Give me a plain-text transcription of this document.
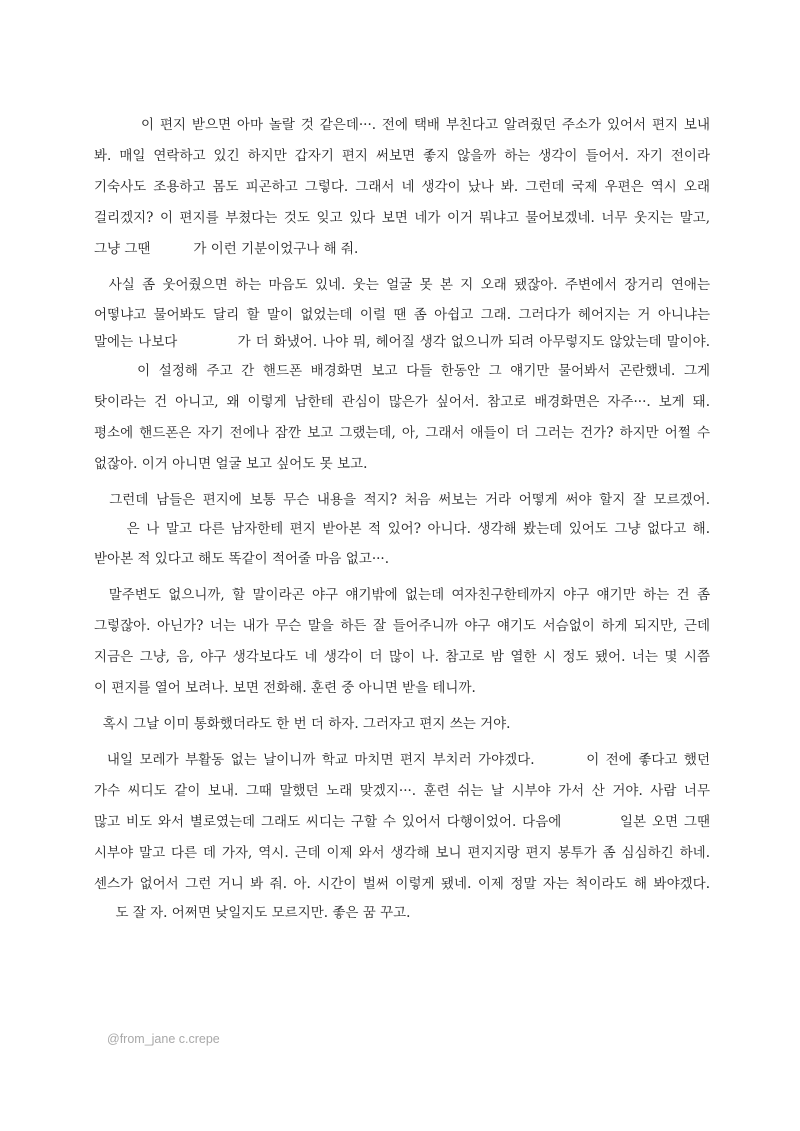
이 편지 받으면 아마 놀랄 것 같은데···. 전에 택배 부친다고 알려줬던 주소가 있어서 편지 보내
봐. 매일 연락하고 있긴 하지만 갑자기 편지 써보면 좋지 않을까 하는 생각이 들어서. 자기 전이라
기숙사도 조용하고 몸도 피곤하고 그렇다. 그래서 네 생각이 났나 봐. 그런데 국제 우편은 역시 오래
걸리겠지? 이 편지를 부쳤다는 것도 잊고 있다 보면 네가 이거 뭐냐고 물어보겠네. 너무 웃지는 말고,
그냥 그땐          가 이런 기분이었구나 해 줘.
사실 좀 웃어줬으면 하는 마음도 있네. 웃는 얼굴 못 본 지 오래 됐잖아. 주변에서 장거리 연애는
어떻냐고 물어봐도 달리 할 말이 없었는데 이럴 땐 좀 아쉽고 그래. 그러다가 헤어지는 거 아니냐는
말에는 나보다            가 더 화냈어. 나야 뭐, 헤어질 생각 없으니까 되려 아무렇지도 않았는데 말이야.
이 설정해 주고 간 핸드폰 배경화면 보고 다들 한동안 그 얘기만 물어봐서 곤란했네. 그게
탓이라는 건 아니고, 왜 이렇게 남한테 관심이 많은가 싶어서. 참고로 배경화면은 자주···. 보게 돼.
평소에 핸드폰은 자기 전에나 잠깐 보고 그랬는데, 아, 그래서 애들이 더 그러는 건가? 하지만 어쩔 수
없잖아. 이거 아니면 얼굴 보고 싶어도 못 보고.
그런데 남들은 편지에 보통 무슨 내용을 적지? 처음 써보는 거라 어떻게 써야 할지 잘 모르겠어.
은 나 말고 다른 남자한테 편지 받아본 적 있어? 아니다. 생각해 봤는데 있어도 그냥 없다고 해.
받아본 적 있다고 해도 똑같이 적어줄 마음 없고···.
말주변도 없으니까, 할 말이라곤 야구 얘기밖에 없는데 여자친구한테까지 야구 얘기만 하는 건 좀
그렇잖아. 아닌가? 너는 내가 무슨 말을 하든 잘 들어주니까 야구 얘기도 서슴없이 하게 되지만, 근데
지금은 그냥, 음, 야구 생각보다도 네 생각이 더 많이 나. 참고로 밤 열한 시 정도 됐어. 너는 몇 시쯤
이 편지를 열어 보려나. 보면 전화해. 훈련 중 아니면 받을 테니까.
혹시 그날 이미 통화했더라도 한 번 더 하자. 그러자고 편지 쓰는 거야.
내일 모레가 부활동 없는 날이니까 학교 마치면 편지 부치러 가야겠다.        이 전에 좋다고 했던
가수 씨디도 같이 보내. 그때 말했던 노래 맞겠지···. 훈련 쉬는 날 시부야 가서 산 거야. 사람 너무
많고 비도 와서 별로였는데 그래도 씨디는 구할 수 있어서 다행이었어. 다음에          일본 오면 그땐
시부야 말고 다른 데 가자, 역시. 근데 이제 와서 생각해 보니 편지지랑 편지 봉투가 좀 심심하긴 하네.
센스가 없어서 그런 거니 봐 줘. 아. 시간이 벌써 이렇게 됐네. 이제 정말 자는 척이라도 해 봐야겠다.
도 잘 자. 어쩌면 낮일지도 모르지만. 좋은 꿈 꾸고.
@from_jane c.crepe
